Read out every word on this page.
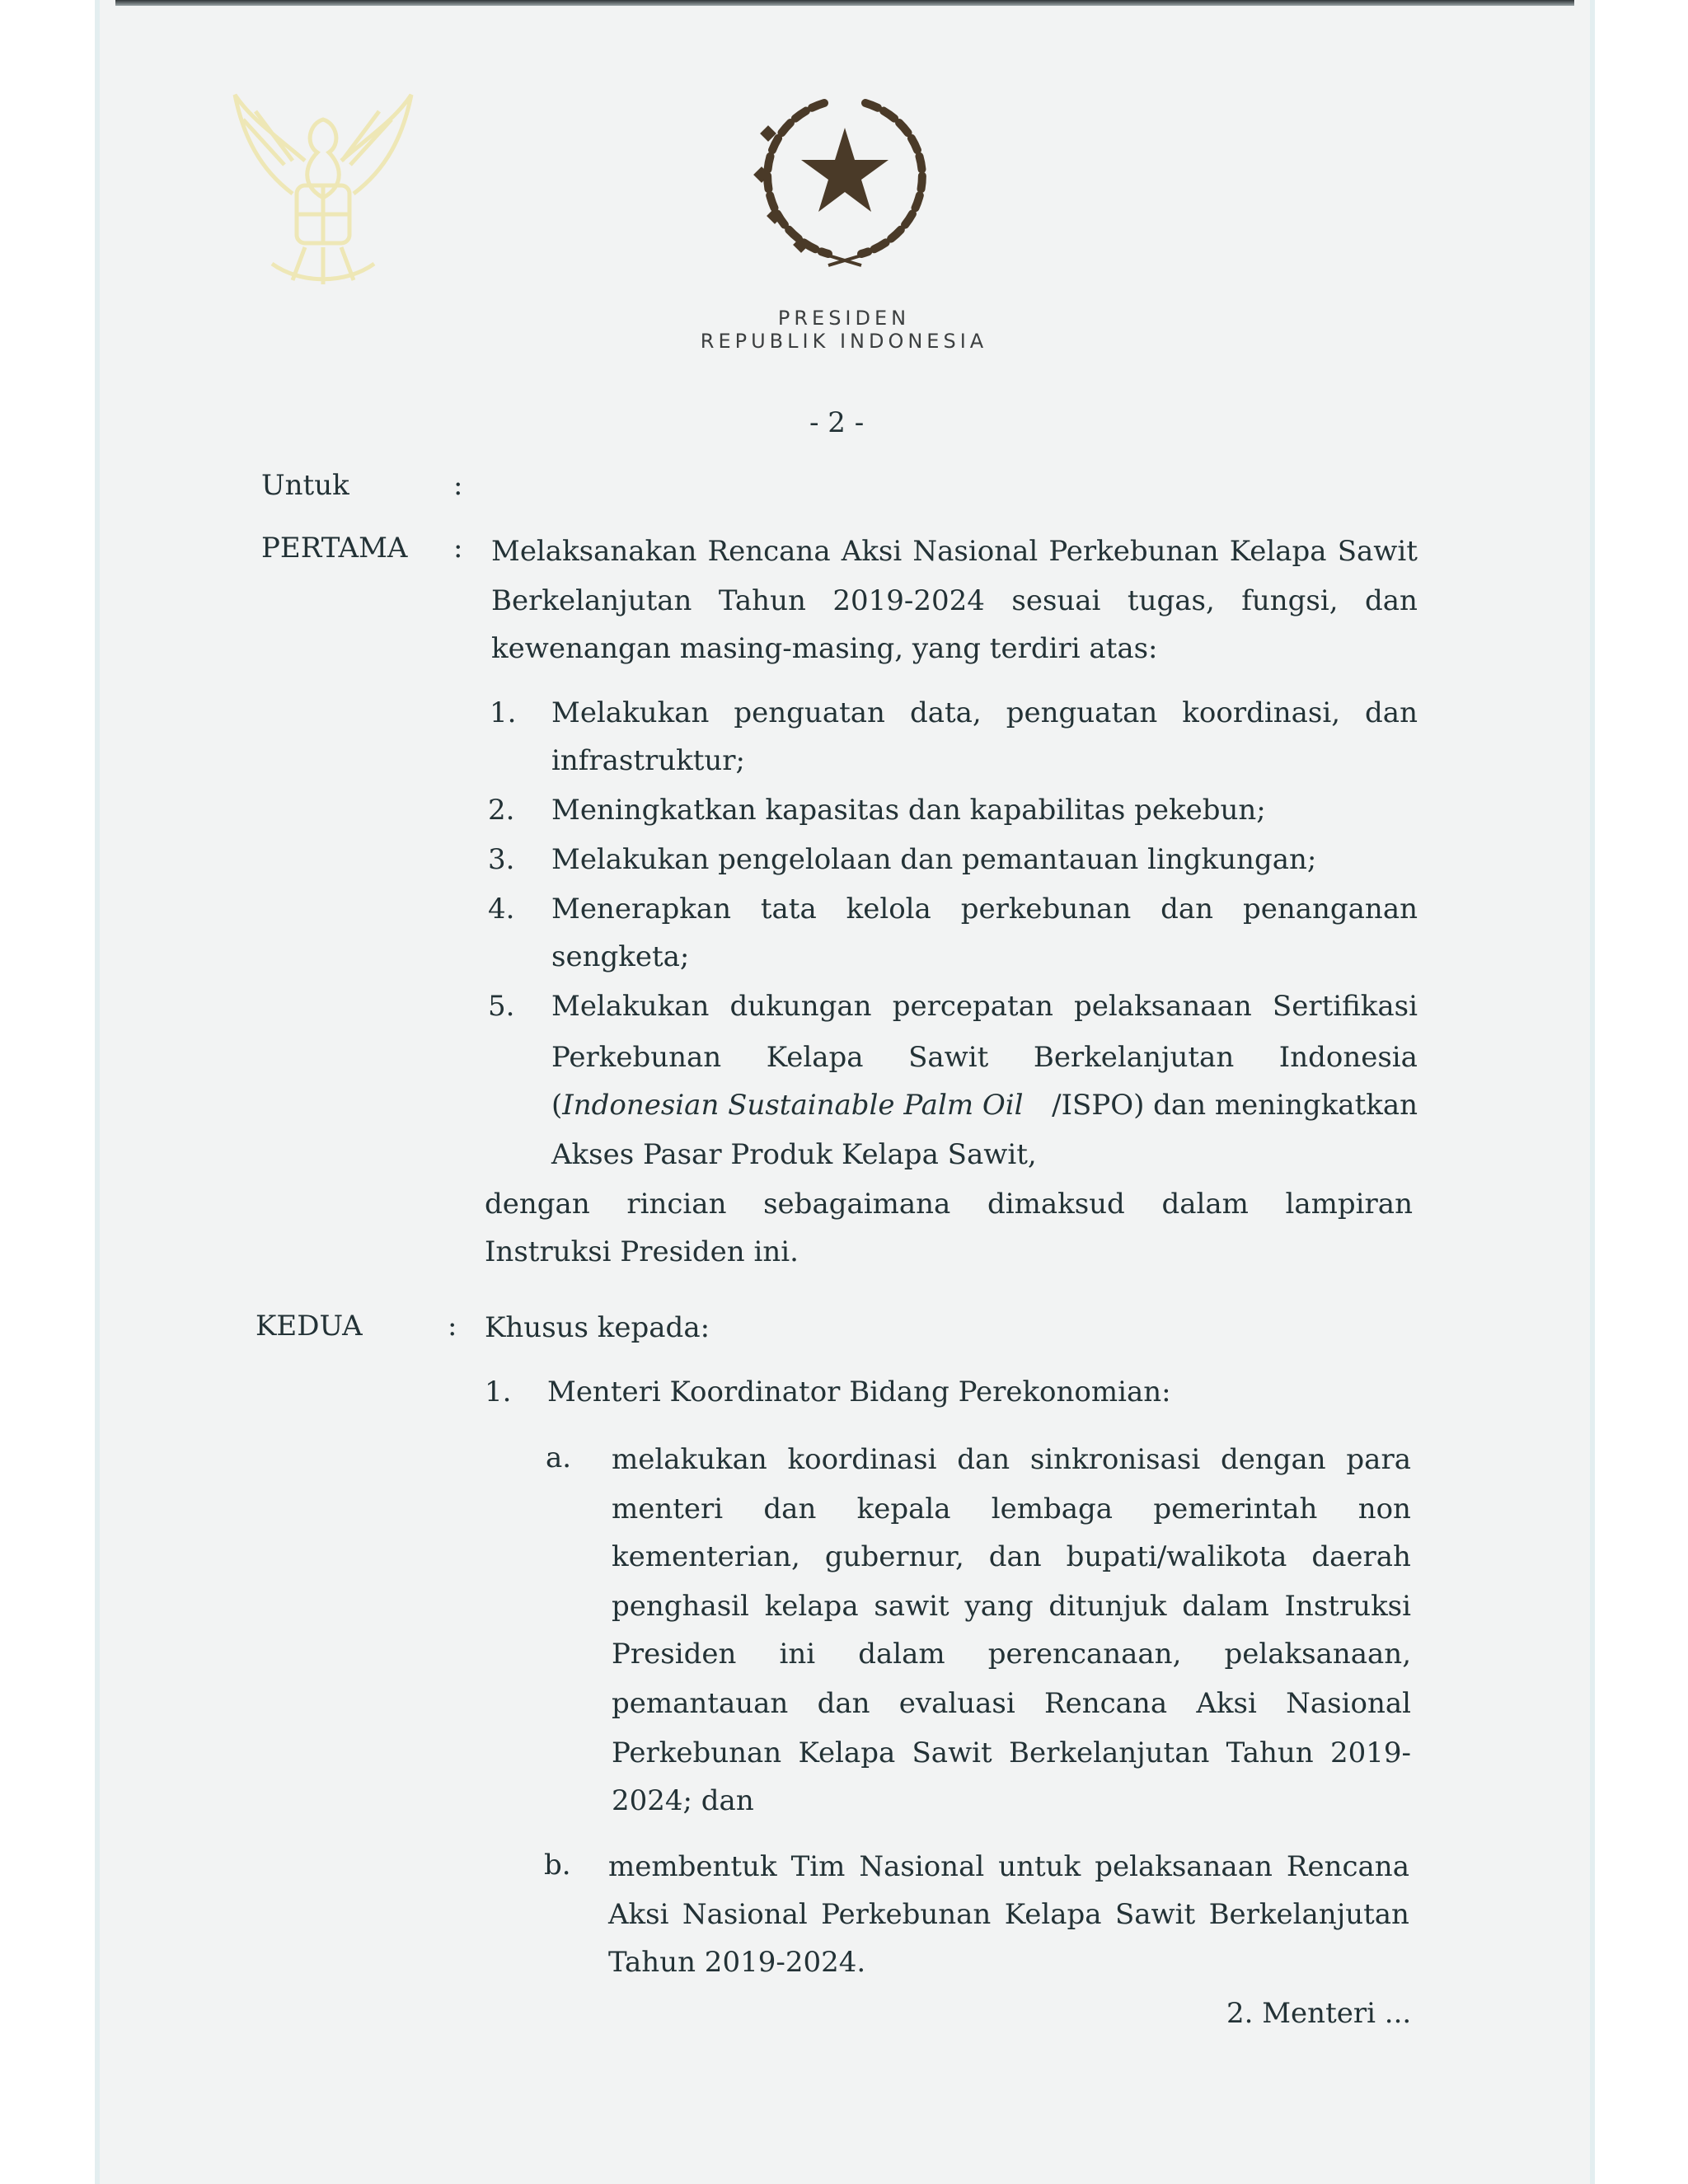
PRESIDEN
REPUBLIK INDONESIA
- 2 -
Untuk	:
PERTAMA : Melaksanakan Rencana Aksi Nasional Perkebunan Kelapa Sawit
Berkelanjutan Tahun 2019-2024 sesuai tugas, fungsi, dan
kewenangan masing-masing, yang terdiri atas:
1. Melakukan penguatan data, penguatan koordinasi, dan
infrastruktur;
2. Meningkatkan kapasitas dan kapabilitas pekebun;
3. Melakukan pengelolaan dan pemantauan lingkungan;
4. Menerapkan tata kelola perkebunan dan penanganan
sengketa;
5. Melakukan dukungan percepatan pelaksanaan Sertifikasi
Perkebunan Kelapa Sawit Berkelanjutan Indonesia
(Indonesian Sustainable Palm Oil /ISPO) dan meningkatkan
Akses Pasar Produk Kelapa Sawit,
dengan rincian sebagaimana dimaksud dalam lampiran
Instruksi Presiden ini.
KEDUA	: Khusus kepada:
1. Menteri Koordinator Bidang Perekonomian:
a. melakukan koordinasi dan sinkronisasi dengan para
menteri dan kepala lembaga pemerintah non
kementerian, gubernur, dan bupati/walikota daerah
penghasil kelapa sawit yang ditunjuk dalam Instruksi
Presiden ini dalam perencanaan, pelaksanaan,
pemantauan dan evaluasi Rencana Aksi Nasional
Perkebunan Kelapa Sawit Berkelanjutan Tahun 2019-
2024; dan
b. membentuk Tim Nasional untuk pelaksanaan Rencana
Aksi Nasional Perkebunan Kelapa Sawit Berkelanjutan
Tahun 2019-2024.
2. Menteri ...
